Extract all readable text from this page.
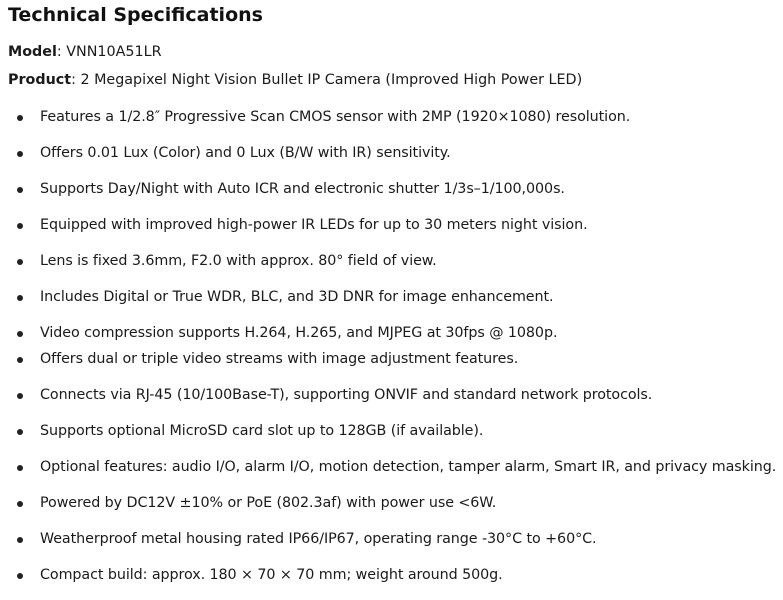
Technical Specifications
Model: VNN10A51LR
Product: 2 Megapixel Night Vision Bullet IP Camera (Improved High Power LED)
Features a 1/2.8″ Progressive Scan CMOS sensor with 2MP (1920×1080) resolution.
Offers 0.01 Lux (Color) and 0 Lux (B/W with IR) sensitivity.
Supports Day/Night with Auto ICR and electronic shutter 1/3s–1/100,000s.
Equipped with improved high-power IR LEDs for up to 30 meters night vision.
Lens is fixed 3.6mm, F2.0 with approx. 80° field of view.
Includes Digital or True WDR, BLC, and 3D DNR for image enhancement.
Video compression supports H.264, H.265, and MJPEG at 30fps @ 1080p.
Offers dual or triple video streams with image adjustment features.
Connects via RJ-45 (10/100Base-T), supporting ONVIF and standard network protocols.
Supports optional MicroSD card slot up to 128GB (if available).
Optional features: audio I/O, alarm I/O, motion detection, tamper alarm, Smart IR, and privacy masking.
Powered by DC12V ±10% or PoE (802.3af) with power use <6W.
Weatherproof metal housing rated IP66/IP67, operating range -30°C to +60°C.
Compact build: approx. 180 × 70 × 70 mm; weight around 500g.
